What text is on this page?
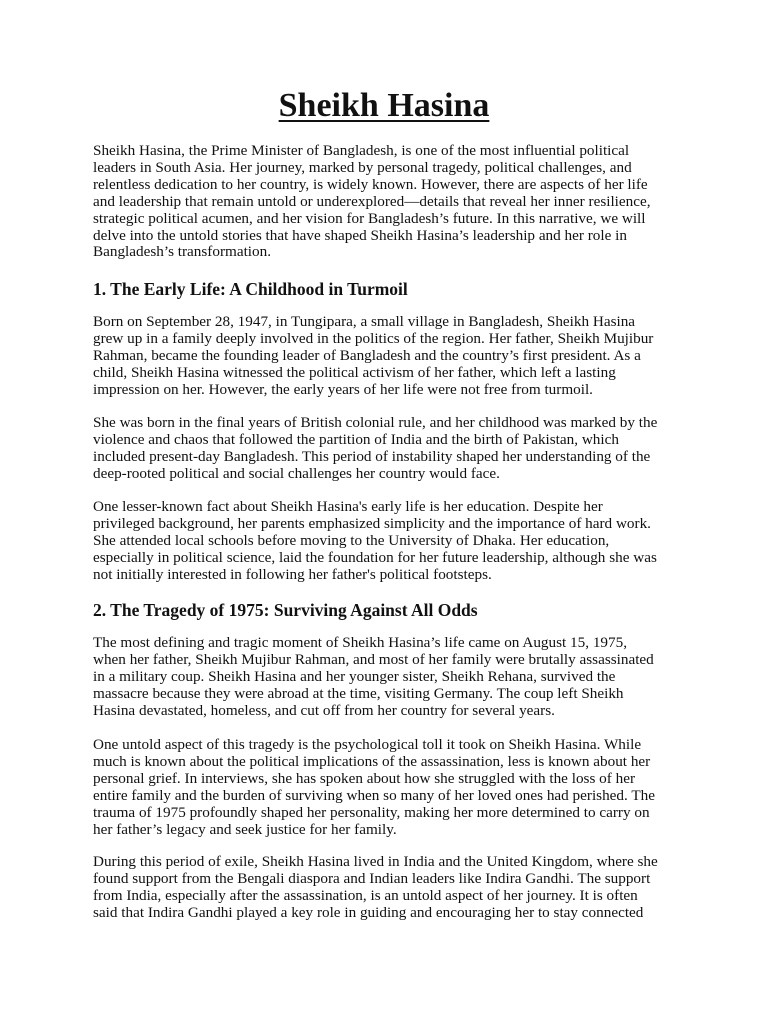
Sheikh Hasina
Sheikh Hasina, the Prime Minister of Bangladesh, is one of the most influential political
leaders in South Asia. Her journey, marked by personal tragedy, political challenges, and
relentless dedication to her country, is widely known. However, there are aspects of her life
and leadership that remain untold or underexplored—details that reveal her inner resilience,
strategic political acumen, and her vision for Bangladesh’s future. In this narrative, we will
delve into the untold stories that have shaped Sheikh Hasina’s leadership and her role in
Bangladesh’s transformation.
1. The Early Life: A Childhood in Turmoil
Born on September 28, 1947, in Tungipara, a small village in Bangladesh, Sheikh Hasina
grew up in a family deeply involved in the politics of the region. Her father, Sheikh Mujibur
Rahman, became the founding leader of Bangladesh and the country’s first president. As a
child, Sheikh Hasina witnessed the political activism of her father, which left a lasting
impression on her. However, the early years of her life were not free from turmoil.
She was born in the final years of British colonial rule, and her childhood was marked by the
violence and chaos that followed the partition of India and the birth of Pakistan, which
included present-day Bangladesh. This period of instability shaped her understanding of the
deep-rooted political and social challenges her country would face.
One lesser-known fact about Sheikh Hasina's early life is her education. Despite her
privileged background, her parents emphasized simplicity and the importance of hard work.
She attended local schools before moving to the University of Dhaka. Her education,
especially in political science, laid the foundation for her future leadership, although she was
not initially interested in following her father's political footsteps.
2. The Tragedy of 1975: Surviving Against All Odds
The most defining and tragic moment of Sheikh Hasina’s life came on August 15, 1975,
when her father, Sheikh Mujibur Rahman, and most of her family were brutally assassinated
in a military coup. Sheikh Hasina and her younger sister, Sheikh Rehana, survived the
massacre because they were abroad at the time, visiting Germany. The coup left Sheikh
Hasina devastated, homeless, and cut off from her country for several years.
One untold aspect of this tragedy is the psychological toll it took on Sheikh Hasina. While
much is known about the political implications of the assassination, less is known about her
personal grief. In interviews, she has spoken about how she struggled with the loss of her
entire family and the burden of surviving when so many of her loved ones had perished. The
trauma of 1975 profoundly shaped her personality, making her more determined to carry on
her father’s legacy and seek justice for her family.
During this period of exile, Sheikh Hasina lived in India and the United Kingdom, where she
found support from the Bengali diaspora and Indian leaders like Indira Gandhi. The support
from India, especially after the assassination, is an untold aspect of her journey. It is often
said that Indira Gandhi played a key role in guiding and encouraging her to stay connected
